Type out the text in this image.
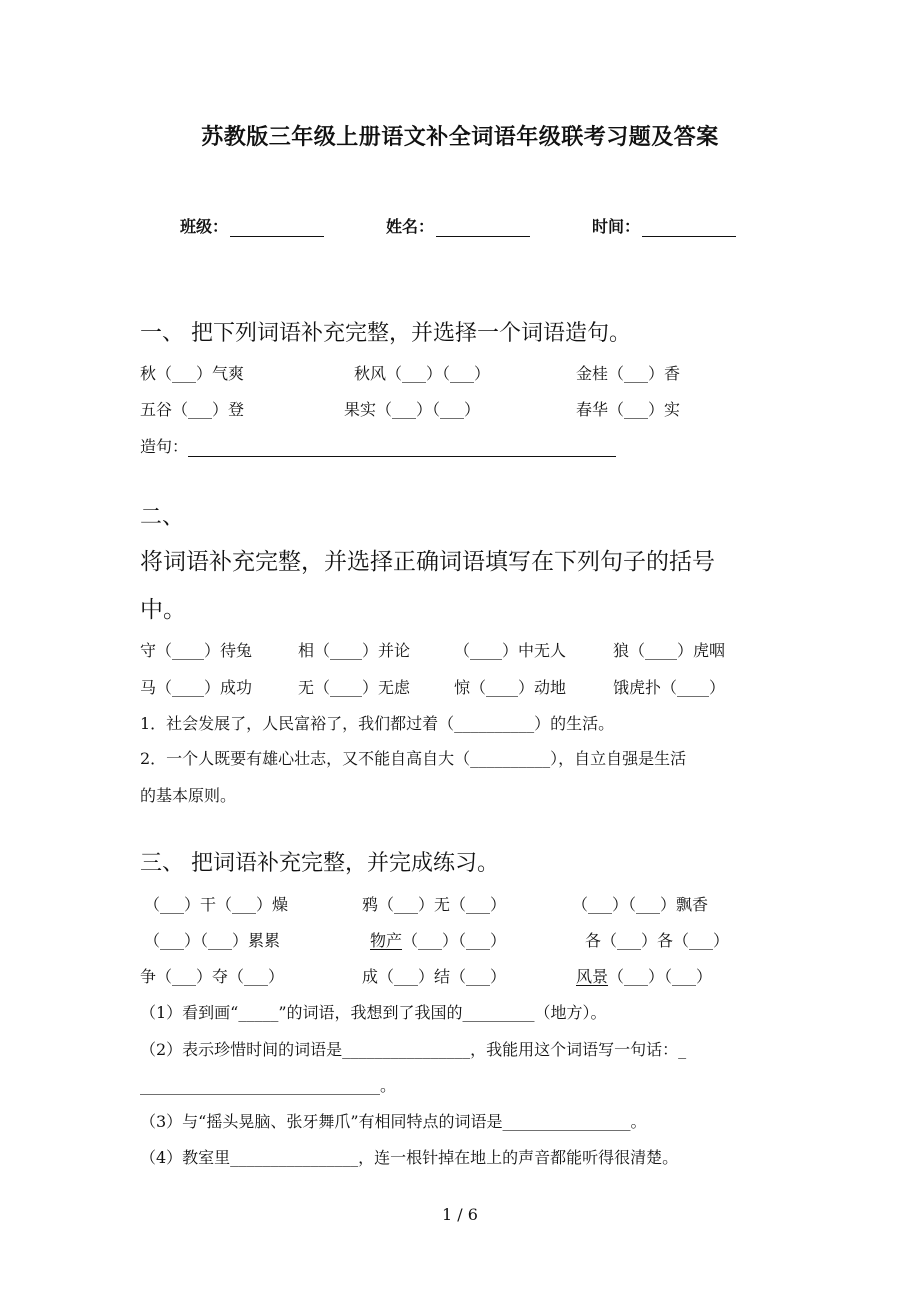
苏教版三年级上册语文补全词语年级联考习题及答案
班级：	姓名：	时间：
一、 把下列词语补充完整，并选择一个词语造句。
秋（___）气爽	秋风（___）（___）	金桂（___）香
五谷（___）登	果实（___）（___）	春华（___）实
造句：
二、
将词语补充完整，并选择正确词语填写在下列句子的括号
中。
守（____）待兔	相（____）并论	（____）中无人	狼（____）虎咽
马（____）成功	无（____）无虑	惊（____）动地	饿虎扑（____）
1．社会发展了，人民富裕了，我们都过着（__________）的生活。
2．一个人既要有雄心壮志，又不能自高自大（__________），自立自强是生活
的基本原则。
三、 把词语补充完整，并完成练习。
（___）干（___）燥	鸦（___）无（___）	（___）（___）飘香
（___）（___）累累	物产（___）（___）	各（___）各（___）
争（___）夺（___）	成（___）结（___）	风景（___）（___）
（1）看到画“_____”的词语，我想到了我国的_________（地方）。
（2）表示珍惜时间的词语是________________，我能用这个词语写一句话：_
______________________________。
（3）与“摇头晃脑、张牙舞爪”有相同特点的词语是________________。
（4）教室里________________，连一根针掉在地上的声音都能听得很清楚。
1 / 6
